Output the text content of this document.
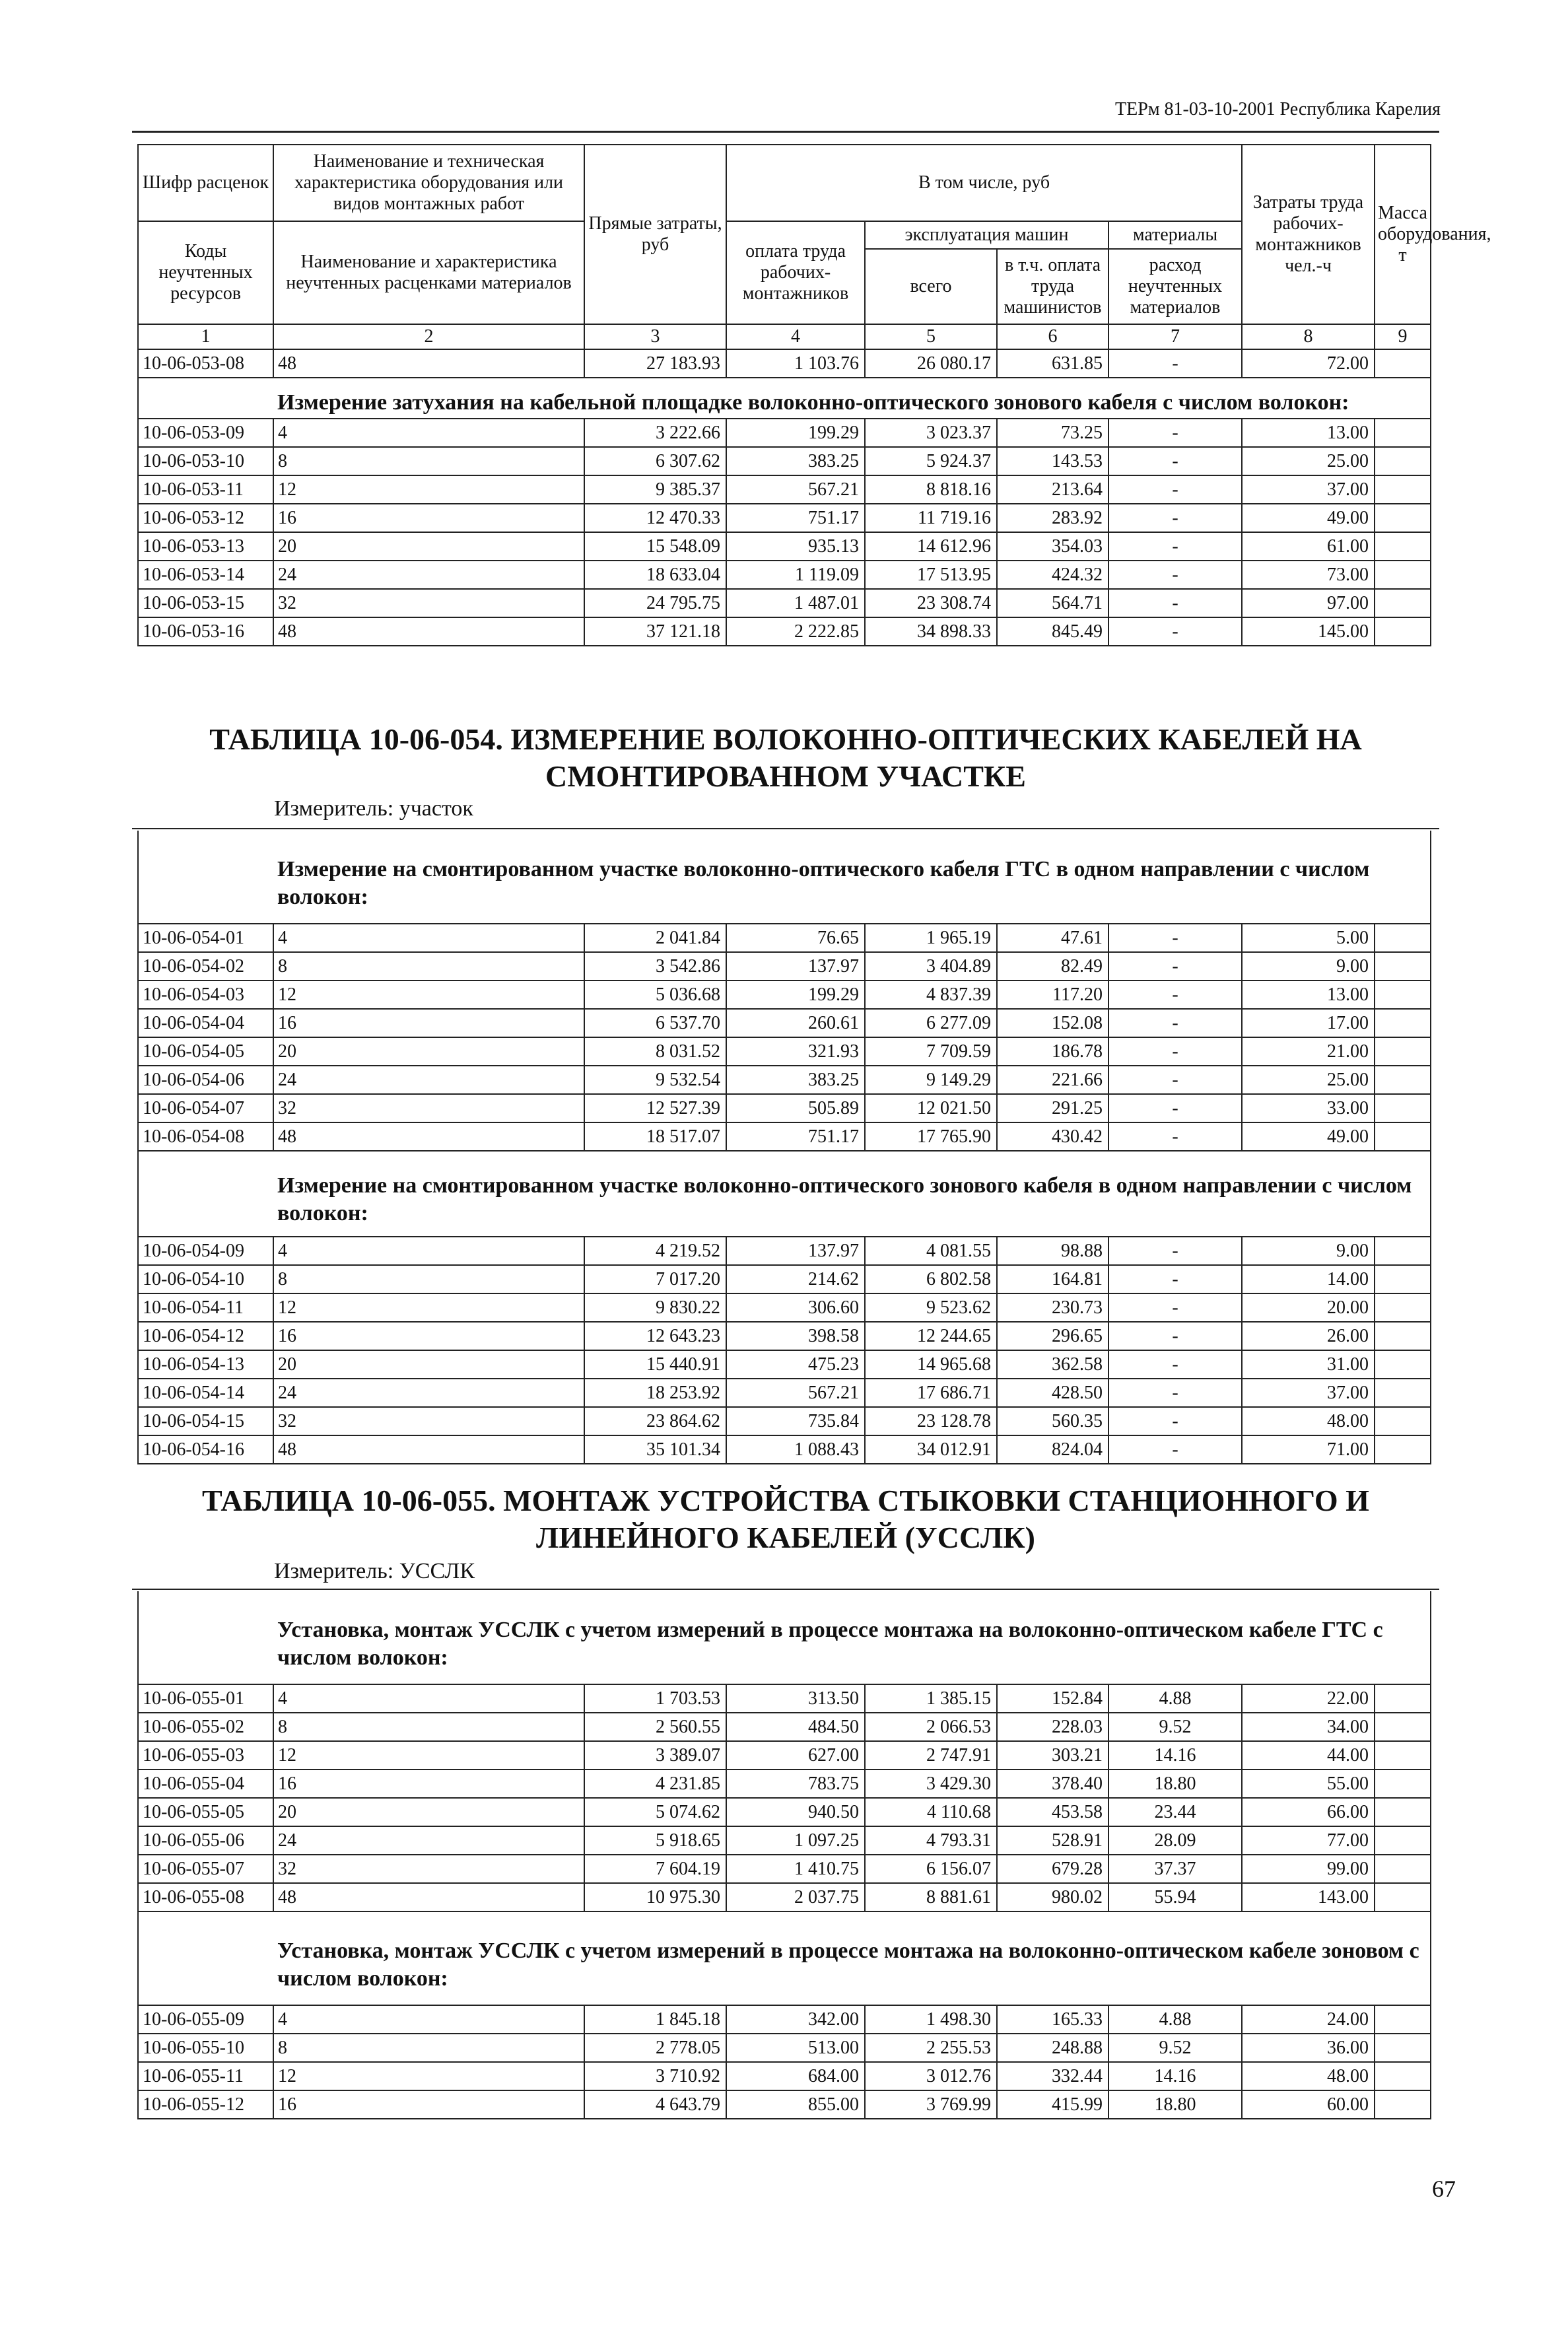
ТЕРм 81-03-10-2001 Республика Карелия
Шифр расценок	Наименование и техническая характеристика оборудования или видов монтажных работ	Прямые затраты, руб	В том числе, руб				Затраты труда рабочих-монтажников чел.-ч	Масса оборудования, т
Коды неучтенных ресурсов	Наименование и характеристика неучтенных расценками материалов		оплата труда рабочих-монтажников	эксплуатация машин		материалы		
				всего	в т.ч. оплата труда машинистов	расход неучтенных материалов		
1	2	3	4	5	6	7	8	9
10-06-053-08	48	27 183.93	1 103.76	26 080.17	631.85	-	72.00	
Измерение затухания на кабельной площадке волоконно-оптического зонового кабеля с числом волокон:								
10-06-053-09	4	3 222.66	199.29	3 023.37	73.25	-	13.00	
10-06-053-10	8	6 307.62	383.25	5 924.37	143.53	-	25.00	
10-06-053-11	12	9 385.37	567.21	8 818.16	213.64	-	37.00	
10-06-053-12	16	12 470.33	751.17	11 719.16	283.92	-	49.00	
10-06-053-13	20	15 548.09	935.13	14 612.96	354.03	-	61.00	
10-06-053-14	24	18 633.04	1 119.09	17 513.95	424.32	-	73.00	
10-06-053-15	32	24 795.75	1 487.01	23 308.74	564.71	-	97.00	
10-06-053-16	48	37 121.18	2 222.85	34 898.33	845.49	-	145.00	
ТАБЛИЦА 10-06-054. ИЗМЕРЕНИЕ ВОЛОКОННО-ОПТИЧЕСКИХ КАБЕЛЕЙ НА
СМОНТИРОВАННОМ УЧАСТКЕ
Измеритель: участок
Измерение на смонтированном участке волоконно-оптического кабеля ГТС в одном направлении с числом волокон:								
10-06-054-01	4	2 041.84	76.65	1 965.19	47.61	-	5.00	
10-06-054-02	8	3 542.86	137.97	3 404.89	82.49	-	9.00	
10-06-054-03	12	5 036.68	199.29	4 837.39	117.20	-	13.00	
10-06-054-04	16	6 537.70	260.61	6 277.09	152.08	-	17.00	
10-06-054-05	20	8 031.52	321.93	7 709.59	186.78	-	21.00	
10-06-054-06	24	9 532.54	383.25	9 149.29	221.66	-	25.00	
10-06-054-07	32	12 527.39	505.89	12 021.50	291.25	-	33.00	
10-06-054-08	48	18 517.07	751.17	17 765.90	430.42	-	49.00	
Измерение на смонтированном участке волоконно-оптического зонового кабеля в одном направлении с числом волокон:								
10-06-054-09	4	4 219.52	137.97	4 081.55	98.88	-	9.00	
10-06-054-10	8	7 017.20	214.62	6 802.58	164.81	-	14.00	
10-06-054-11	12	9 830.22	306.60	9 523.62	230.73	-	20.00	
10-06-054-12	16	12 643.23	398.58	12 244.65	296.65	-	26.00	
10-06-054-13	20	15 440.91	475.23	14 965.68	362.58	-	31.00	
10-06-054-14	24	18 253.92	567.21	17 686.71	428.50	-	37.00	
10-06-054-15	32	23 864.62	735.84	23 128.78	560.35	-	48.00	
10-06-054-16	48	35 101.34	1 088.43	34 012.91	824.04	-	71.00	
ТАБЛИЦА 10-06-055. МОНТАЖ УСТРОЙСТВА СТЫКОВКИ СТАНЦИОННОГО И
ЛИНЕЙНОГО КАБЕЛЕЙ (УССЛК)
Измеритель: УССЛК
Установка, монтаж УССЛК с учетом измерений в процессе монтажа на волоконно-оптическом кабеле ГТС с числом волокон:								
10-06-055-01	4	1 703.53	313.50	1 385.15	152.84	4.88	22.00	
10-06-055-02	8	2 560.55	484.50	2 066.53	228.03	9.52	34.00	
10-06-055-03	12	3 389.07	627.00	2 747.91	303.21	14.16	44.00	
10-06-055-04	16	4 231.85	783.75	3 429.30	378.40	18.80	55.00	
10-06-055-05	20	5 074.62	940.50	4 110.68	453.58	23.44	66.00	
10-06-055-06	24	5 918.65	1 097.25	4 793.31	528.91	28.09	77.00	
10-06-055-07	32	7 604.19	1 410.75	6 156.07	679.28	37.37	99.00	
10-06-055-08	48	10 975.30	2 037.75	8 881.61	980.02	55.94	143.00	
Установка, монтаж УССЛК с учетом измерений в процессе монтажа на волоконно-оптическом кабеле зоновом с числом волокон:								
10-06-055-09	4	1 845.18	342.00	1 498.30	165.33	4.88	24.00	
10-06-055-10	8	2 778.05	513.00	2 255.53	248.88	9.52	36.00	
10-06-055-11	12	3 710.92	684.00	3 012.76	332.44	14.16	48.00	
10-06-055-12	16	4 643.79	855.00	3 769.99	415.99	18.80	60.00	
67
